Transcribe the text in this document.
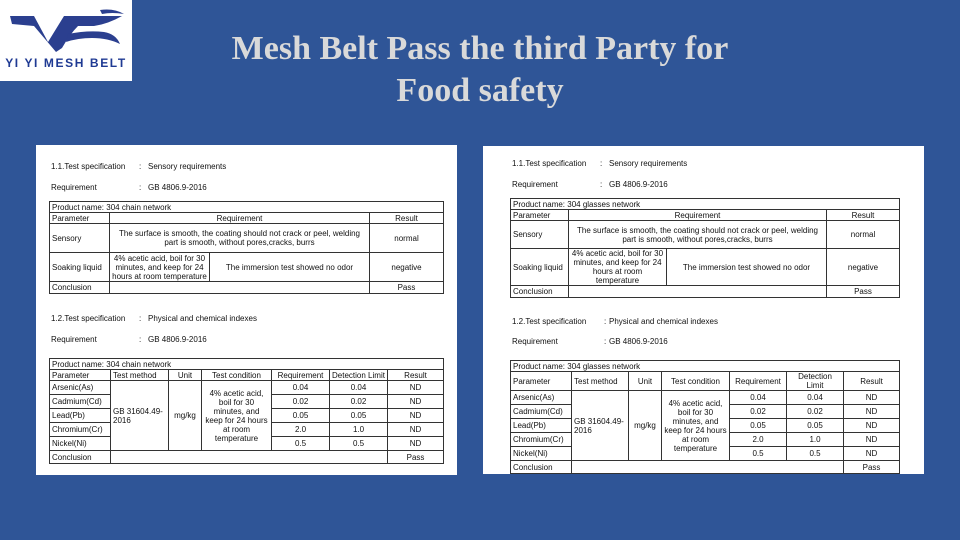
YI YI MESH BELT	Mesh Belt Pass the third Party for
Food safety
1.1.Test specification : Sensory requirements
Requirement	: GB 4806.9-2016
Product name: 304 chain network			
Parameter	Requirement		Result
Sensory	The surface is smooth, the coating should not crack or peel, welding part is smooth, without pores,cracks, burrs		normal
Soaking liquid	4% acetic acid, boil for 30 minutes, and keep for 24 hours at room temperature	The immersion test showed no odor	negative
Conclusion			Pass
1.2.Test specification : Physical and chemical indexes
Requirement	: GB 4806.9-2016
Product name: 304 chain network						
Parameter	Test method	Unit	Test condition	Requirement	Detection Limit	Result
Arsenic(As)	GB 31604.49-2016	mg/kg	4% acetic acid, boil for 30 minutes, and keep for 24 hours at room temperature	0.04	0.04	ND
Cadmium(Cd)				0.02	0.02	ND
Lead(Pb)				0.05	0.05	ND
Chromium(Cr)				2.0	1.0	ND
Nickel(Ni)				0.5	0.5	ND
Conclusion						Pass
1.1.Test specification : Sensory requirements
Requirement	: GB 4806.9-2016
Product name: 304 glasses network			
Parameter	Requirement		Result
Sensory	The surface is smooth, the coating should not crack or peel, welding part is smooth, without pores,cracks, burrs		normal
Soaking liquid	4% acetic acid, boil for 30 minutes, and keep for 24 hours at room temperature	The immersion test showed no odor	negative
Conclusion			Pass
1.2.Test specification : Physical and chemical indexes
Requirement	: GB 4806.9-2016
Product name: 304 glasses network						
Parameter	Test method	Unit	Test condition	Requirement	Detection Limit	Result
Arsenic(As)	GB 31604.49-2016	mg/kg	4% acetic acid, boil for 30 minutes, and keep for 24 hours at room temperature	0.04	0.04	ND
Cadmium(Cd)				0.02	0.02	ND
Lead(Pb)				0.05	0.05	ND
Chromium(Cr)				2.0	1.0	ND
Nickel(Ni)				0.5	0.5	ND
Conclusion						Pass
